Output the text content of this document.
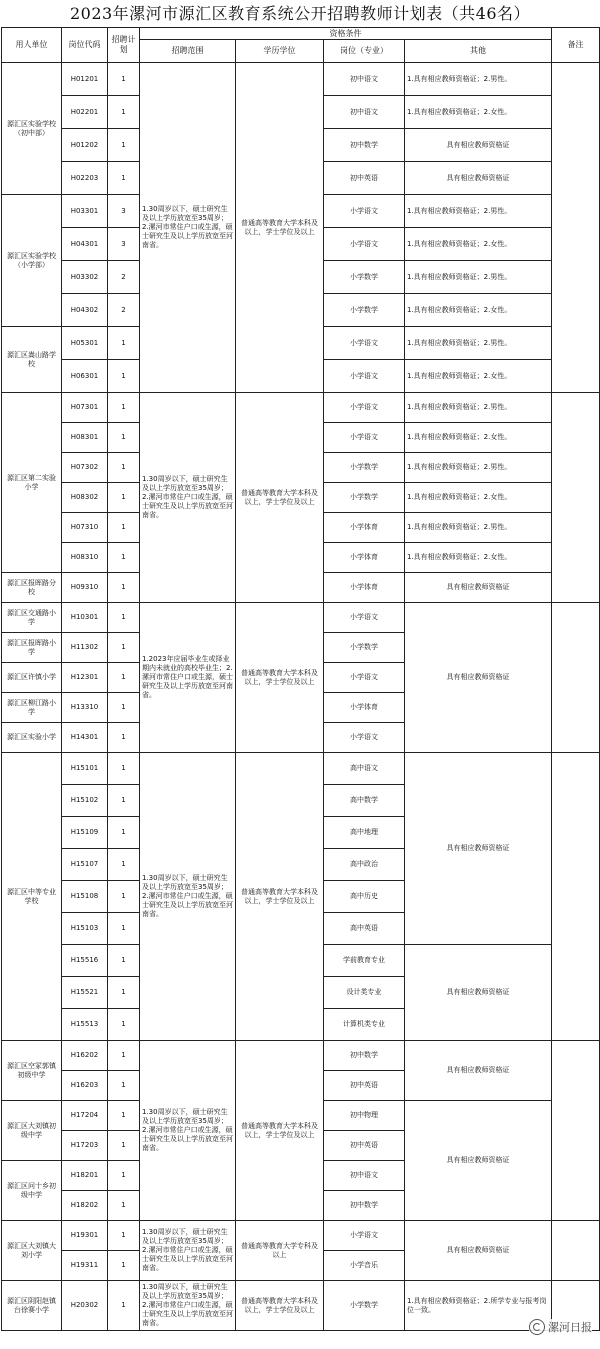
2023年漯河市源汇区教育系统公开招聘教师计划表（共46名）
用人单位	岗位代码	招聘计划	资格条件				备注
			招聘范围	学历学位	岗位（专业）	其他	
源汇区实验学校（初中部）	H01201	1	1.30周岁以下，硕士研究生及以上学历放宽至35周岁；2.漯河市常住户口或生源，硕士研究生及以上学历放宽至河南省。	普通高等教育大学本科及以上，学士学位及以上	初中语文	1.具有相应教师资格证；2.男性。	
	H02201	1			初中语文	1.具有相应教师资格证；2.女性。	
	H01202	1			初中数学	具有相应教师资格证	
	H02203	1			初中英语	具有相应教师资格证	
源汇区实验学校（小学部）	H03301	3			小学语文	1.具有相应教师资格证；2.男性。	
	H04301	3			小学语文	1.具有相应教师资格证；2.女性。	
	H03302	2			小学数学	1.具有相应教师资格证；2.男性。	
	H04302	2			小学数学	1.具有相应教师资格证；2.女性。	
源汇区嵩山路学校	H05301	1			小学语文	1.具有相应教师资格证；2.男性。	
	H06301	1			小学语文	1.具有相应教师资格证；2.女性。	
源汇区第二实验小学	H07301	1	1.30周岁以下，硕士研究生及以上学历放宽至35周岁；2.漯河市常住户口或生源，硕士研究生及以上学历放宽至河南省。	普通高等教育大学本科及以上，学士学位及以上	小学语文	1.具有相应教师资格证；2.男性。	
	H08301	1			小学语文	1.具有相应教师资格证；2.女性。	
	H07302	1			小学数学	1.具有相应教师资格证；2.男性。	
	H08302	1			小学数学	1.具有相应教师资格证；2.女性。	
	H07310	1			小学体育	1.具有相应教师资格证；2.男性。	
	H08310	1			小学体育	1.具有相应教师资格证；2.女性。	
源汇区报晖路分校	H09310	1			小学体育	具有相应教师资格证	
源汇区交通路小学	H10301	1	1.2023年应届毕业生或择业期内未就业的高校毕业生；2.漯河市常住户口或生源，硕士研究生及以上学历放宽至河南省。	普通高等教育大学本科及以上，学士学位及以上	小学语文	具有相应教师资格证	
源汇区报晖路小学	H11302	1			小学数学		
源汇区许慎小学	H12301	1			小学语文		
源汇区柳江路小学	H13310	1			小学体育		
源汇区实验小学	H14301	1			小学语文		
源汇区中等专业学校	H15101	1	1.30周岁以下，硕士研究生及以上学历放宽至35周岁；2.漯河市常住户口或生源，硕士研究生及以上学历放宽至河南省。	普通高等教育大学本科及以上，学士学位及以上	高中语文	具有相应教师资格证	
	H15102	1			高中数学		
	H15109	1			高中地理		
	H15107	1			高中政治		
	H15108	1			高中历史		
	H15103	1			高中英语		
	H15516	1			学前教育专业	具有相应教师资格证	
	H15521	1			设计类专业		
	H15513	1			计算机类专业		
源汇区空冢郭镇初级中学	H16202	1	1.30周岁以下，硕士研究生及以上学历放宽至35周岁；2.漯河市常住户口或生源，硕士研究生及以上学历放宽至河南省。	普通高等教育大学本科及以上，学士学位及以上	初中数学	具有相应教师资格证	
	H16203	1			初中英语		
源汇区大刘镇初级中学	H17204	1			初中物理	具有相应教师资格证	
	H17203	1			初中英语		
源汇区问十乡初级中学	H18201	1			初中语文		
	H18202	1			初中数学		
源汇区大刘镇大刘小学	H19301	1	1.30周岁以下，硕士研究生及以上学历放宽至35周岁；2.漯河市常住户口或生源，硕士研究生及以上学历放宽至河南省。	普通高等教育大学专科及以上	小学语文	具有相应教师资格证	
	H19311	1			小学音乐		
源汇区阴阳赵镇台徐赛小学	H20302	1	1.30周岁以下，硕士研究生及以上学历放宽至35周岁；2.漯河市常住户口或生源，硕士研究生及以上学历放宽至河南省。	普通高等教育大学本科及以上，学士学位及以上	小学数学	1.具有相应教师资格证；2.所学专业与报考岗位一致。	
漯河日报
